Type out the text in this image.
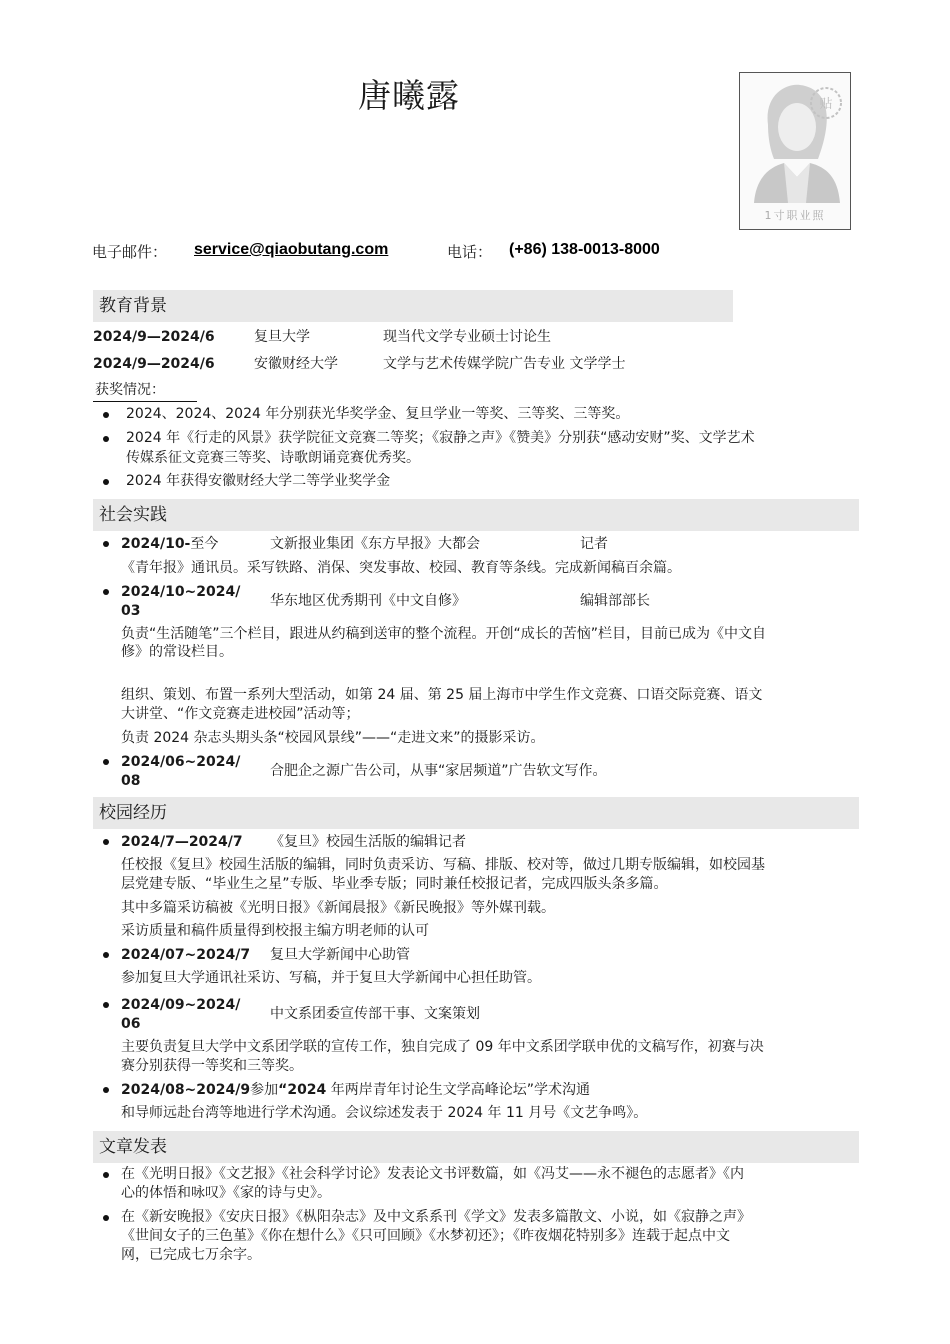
唐曦露	贴
1寸职业照
电子邮件： service@qiaobutang.com	电话： (+86) 138-0013-8000
教育背景
2024/9—2024/6	复旦大学	现当代文学专业硕士讨论生
2024/9—2024/6	安徽财经大学	文学与艺术传媒学院广告专业 文学学士
获奖情况：
2024、2024、2024 年分别获光华奖学金、复旦学业一等奖、三等奖、三等奖。
2024 年《行走的风景》获学院征文竞赛二等奖；《寂静之声》《赞美》分别获“感动安财”奖、文学艺术
传媒系征文竞赛三等奖、诗歌朗诵竞赛优秀奖。
2024 年获得安徽财经大学二等学业奖学金
社会实践
2024/10-至今	文新报业集团《东方早报》大都会	记者
《青年报》通讯员。采写铁路、消保、突发事故、校园、教育等条线。完成新闻稿百余篇。
2024/10~2024/
03
华东地区优秀期刊《中文自修》	编辑部部长
负责“生活随笔”三个栏目，跟进从约稿到送审的整个流程。开创“成长的苦恼”栏目，目前已成为《中文自
修》的常设栏目。
组织、策划、布置一系列大型活动，如第 24 届、第 25 届上海市中学生作文竞赛、口语交际竞赛、语文
大讲堂、“作文竞赛走进校园”活动等；
负责 2024 杂志头期头条“校园风景线”——“走进文来”的摄影采访。
2024/06~2024/
08
合肥企之源广告公司，从事“家居频道”广告软文写作。
校园经历
2024/7—2024/7 《复旦》校园生活版的编辑记者
任校报《复旦》校园生活版的编辑，同时负责采访、写稿、排版、校对等，做过几期专版编辑，如校园基
层党建专版、“毕业生之星”专版、毕业季专版；同时兼任校报记者，完成四版头条多篇。
其中多篇采访稿被《光明日报》《新闻晨报》《新民晚报》等外媒刊载。
采访质量和稿件质量得到校报主编方明老师的认可
2024/07~2024/7 复旦大学新闻中心助管
参加复旦大学通讯社采访、写稿，并于复旦大学新闻中心担任助管。
2024/09~2024/
06
中文系团委宣传部干事、文案策划
主要负责复旦大学中文系团学联的宣传工作，独自完成了 09 年中文系团学联申优的文稿写作，初赛与决
赛分别获得一等奖和三等奖。
2024/08~2024/9参加“2024 年两岸青年讨论生文学高峰论坛”学术沟通
和导师远赴台湾等地进行学术沟通。会议综述发表于 2024 年 11 月号《文艺争鸣》。
文章发表
在《光明日报》《文艺报》《社会科学讨论》发表论文书评数篇，如《冯艾——永不褪色的志愿者》《内
心的体悟和咏叹》《家的诗与史》。
在《新安晚报》《安庆日报》《枞阳杂志》及中文系系刊《学文》发表多篇散文、小说，如《寂静之声》
《世间女子的三色堇》《你在想什么》《只可回顾》《水梦初还》；《昨夜烟花特别多》连载于起点中文
网，已完成七万余字。
